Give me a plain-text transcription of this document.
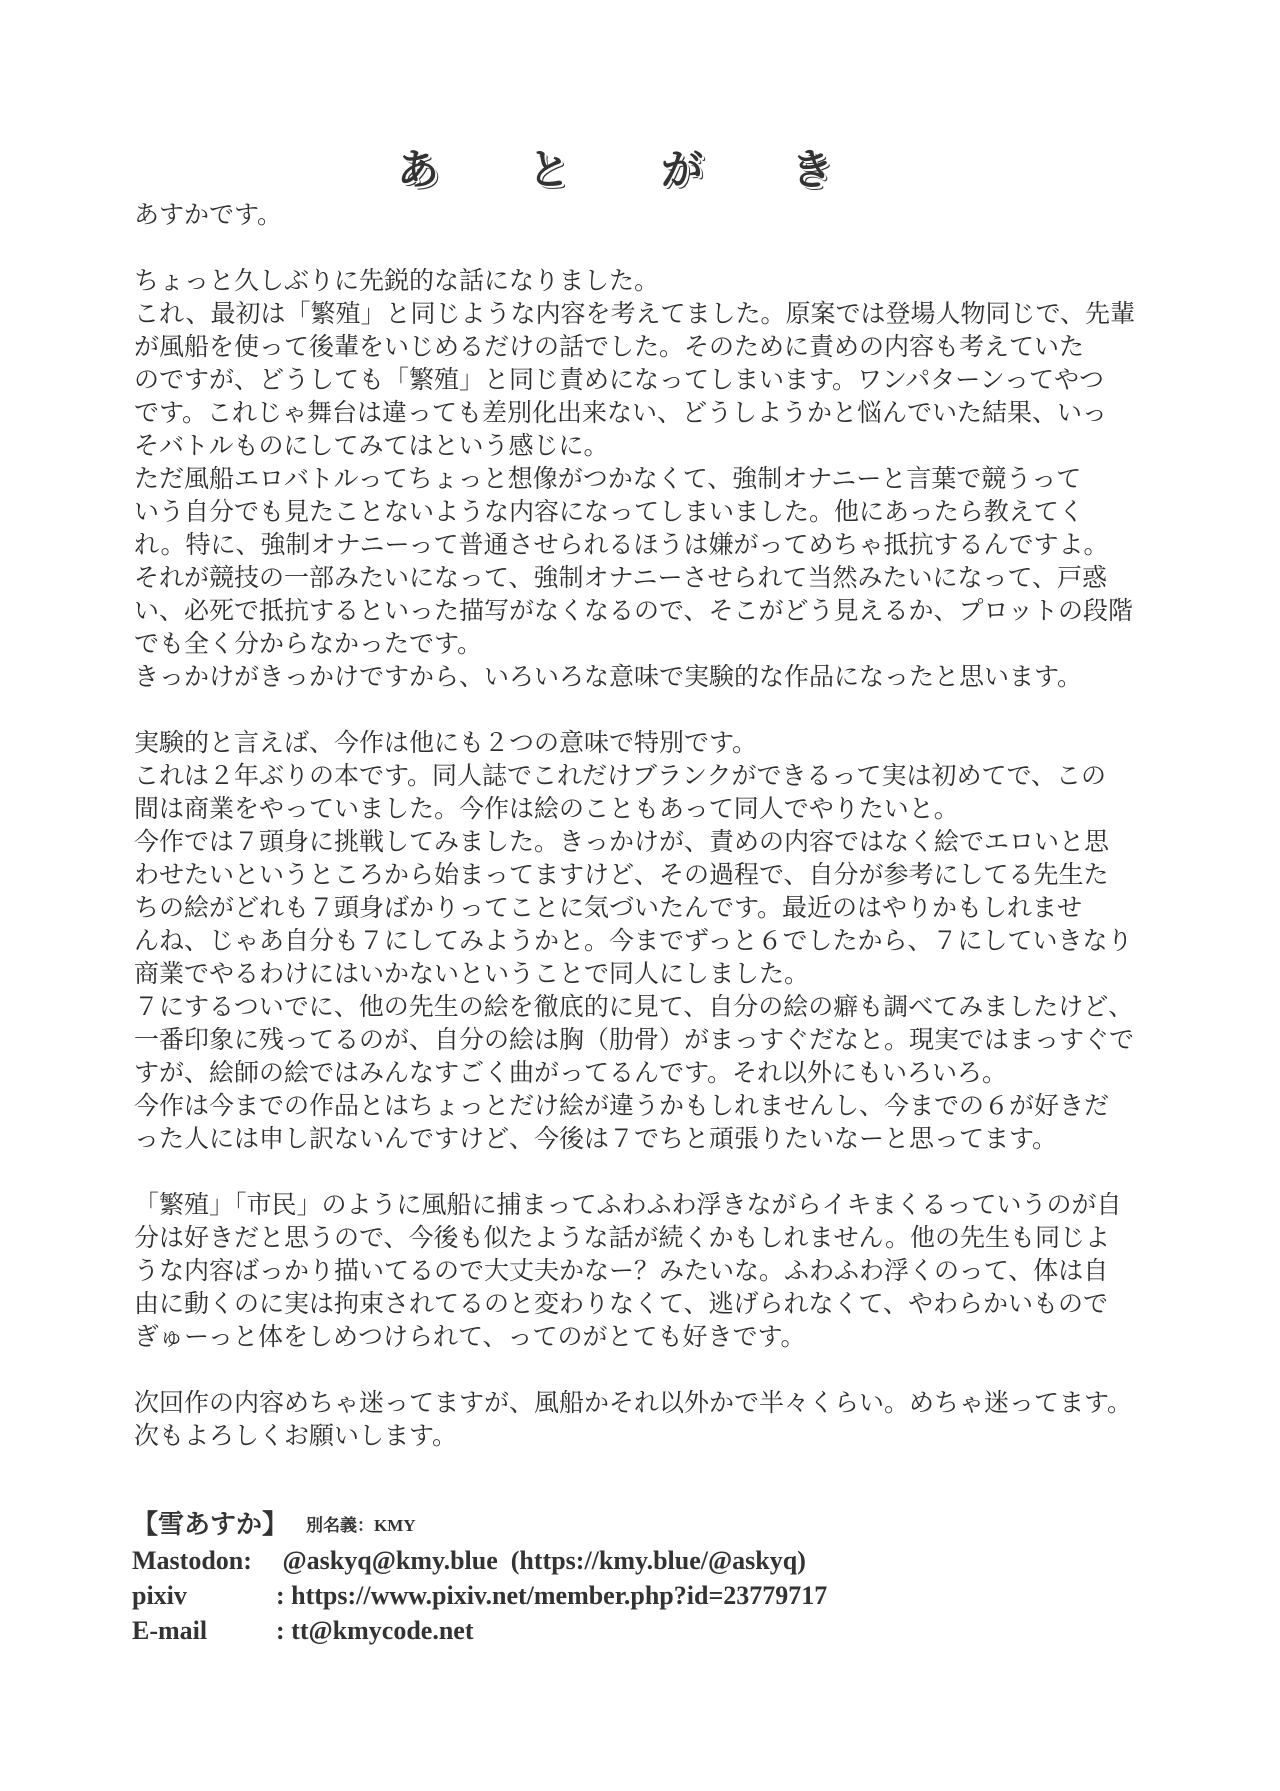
あ と が き
あすかです。
ちょっと久しぶりに先鋭的な話になりました。
これ、最初は「繁殖」と同じような内容を考えてました。原案では登場人物同じで、先輩
が風船を使って後輩をいじめるだけの話でした。そのために責めの内容も考えていた
のですが、どうしても「繁殖」と同じ責めになってしまいます。ワンパターンってやつ
です。これじゃ舞台は違っても差別化出来ない、どうしようかと悩んでいた結果、いっ
そバトルものにしてみてはという感じに。
ただ風船エロバトルってちょっと想像がつかなくて、強制オナニーと言葉で競うって
いう自分でも見たことないような内容になってしまいました。他にあったら教えてく
れ。特に、強制オナニーって普通させられるほうは嫌がってめちゃ抵抗するんですよ。
それが競技の一部みたいになって、強制オナニーさせられて当然みたいになって、戸惑
い、必死で抵抗するといった描写がなくなるので、そこがどう見えるか、プロットの段階
でも全く分からなかったです。
きっかけがきっかけですから、いろいろな意味で実験的な作品になったと思います。
実験的と言えば、今作は他にも２つの意味で特別です。
これは２年ぶりの本です。同人誌でこれだけブランクができるって実は初めてで、この
間は商業をやっていました。今作は絵のこともあって同人でやりたいと。
今作では７頭身に挑戦してみました。きっかけが、責めの内容ではなく絵でエロいと思
わせたいというところから始まってますけど、その過程で、自分が参考にしてる先生た
ちの絵がどれも７頭身ばかりってことに気づいたんです。最近のはやりかもしれませ
んね、じゃあ自分も７にしてみようかと。今までずっと６でしたから、７にしていきなり
商業でやるわけにはいかないということで同人にしました。
７にするついでに、他の先生の絵を徹底的に見て、自分の絵の癖も調べてみましたけど、
一番印象に残ってるのが、自分の絵は胸（肋骨）がまっすぐだなと。現実ではまっすぐで
すが、絵師の絵ではみんなすごく曲がってるんです。それ以外にもいろいろ。
今作は今までの作品とはちょっとだけ絵が違うかもしれませんし、今までの６が好きだ
った人には申し訳ないんですけど、今後は７でちと頑張りたいなーと思ってます。
「繁殖」「市民」のように風船に捕まってふわふわ浮きながらイキまくるっていうのが自
分は好きだと思うので、今後も似たような話が続くかもしれません。他の先生も同じよ
うな内容ばっかり描いてるので大丈夫かなー？みたいな。ふわふわ浮くのって、体は自
由に動くのに実は拘束されてるのと変わりなくて、逃げられなくて、やわらかいもので
ぎゅーっと体をしめつけられて、ってのがとても好きです。
次回作の内容めちゃ迷ってますが、風船かそれ以外かで半々くらい。めちゃ迷ってます。
次もよろしくお願いします。
【雪あすか】 別名義：KMY
Mastodon: @askyq@kmy.blue  (https://kmy.blue/@askyq)
pixiv	: https://www.pixiv.net/member.php?id=23779717
E-mail	: tt@kmycode.net
